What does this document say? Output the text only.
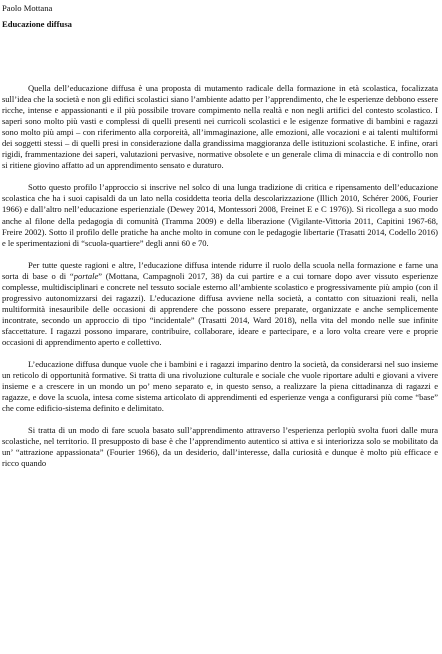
Paolo Mottana

Educazione diffusa

Quella dell’educazione diffusa è una proposta di mutamento radicale della formazione in età scolastica, focalizzata sull’idea che la società e non gli edifici scolastici siano l’ambiente adatto per l’apprendimento, che le esperienze debbono essere ricche, intense e appassionanti e il più possibile trovare compimento nella realtà e non negli artifici del contesto scolastico. I saperi sono molto più vasti e complessi di quelli presenti nei curricoli scolastici e le esigenze formative di bambini e ragazzi sono molto più ampi – con riferimento alla corporeità, all’immaginazione, alle emozioni, alle vocazioni e ai talenti multiformi dei soggetti stessi – di quelli presi in considerazione dalla grandissima maggioranza delle istituzioni scolastiche. E infine, orari rigidi, frammentazione dei saperi, valutazioni pervasive, normative obsolete e un generale clima di minaccia e di controllo non si ritiene giovino affatto ad un apprendimento sensato e duraturo.

Sotto questo profilo l’approccio si inscrive nel solco di una lunga tradizione di critica e ripensamento dell’educazione scolastica che ha i suoi capisaldi da un lato nella cosiddetta teoria della descolarizzazione (Illich 2010, Schérer 2006, Fourier 1966) e dall’altro nell’educazione esperienziale (Dewey 2014, Montessori 2008, Freinet E e C 1976)). Si ricollega a suo modo anche al filone della pedagogia di comunità (Tramma 2009) e della liberazione (Vigilante-Vittoria 2011, Capitini 1967-68, Freire 2002). Sotto il profilo delle pratiche ha anche molto in comune con le pedagogie libertarie (Trasatti 2014, Codello 2016) e le sperimentazioni di “scuola-quartiere” degli anni 60 e 70.

Per tutte queste ragioni e altre, l’educazione diffusa intende ridurre il ruolo della scuola nella formazione e farne una sorta di base o di “portale” (Mottana, Campagnoli 2017, 38) da cui partire e a cui tornare dopo aver vissuto esperienze complesse, multidisciplinari e concrete nel tessuto sociale esterno all’ambiente scolastico e progressivamente più ampio (con il progressivo autonomizzarsi dei ragazzi). L’educazione diffusa avviene nella società, a contatto con situazioni reali, nella multiformità inesauribile delle occasioni di apprendere che possono essere preparate, organizzate e anche semplicemente incontrate, secondo un approccio di tipo “incidentale” (Trasatti 2014, Ward 2018), nella vita del mondo nelle sue infinite sfaccettature. I ragazzi possono imparare, contribuire, collaborare, ideare e partecipare, e a loro volta creare vere e proprie occasioni di apprendimento aperto e collettivo.

L’educazione diffusa dunque vuole che i bambini e i ragazzi imparino dentro la società, da considerarsi nel suo insieme un reticolo di opportunità formative. Si tratta di una rivoluzione culturale e sociale che vuole riportare adulti e giovani a vivere insieme e a crescere in un mondo un po’ meno separato e, in questo senso, a realizzare la piena cittadinanza di ragazzi e ragazze, e dove la scuola, intesa come sistema articolato di apprendimenti ed esperienze venga a configurarsi più come “base” che come edificio-sistema definito e delimitato.

Si tratta di un modo di fare scuola basato sull’apprendimento attraverso l’esperienza perlopiù svolta fuori dalle mura scolastiche, nel territorio. Il presupposto di base è che l’apprendimento autentico si attiva e si interiorizza solo se mobilitato da un’ “attrazione appassionata” (Fourier 1966), da un desiderio, dall’interesse, dalla curiosità e dunque è molto più efficace e ricco quando
